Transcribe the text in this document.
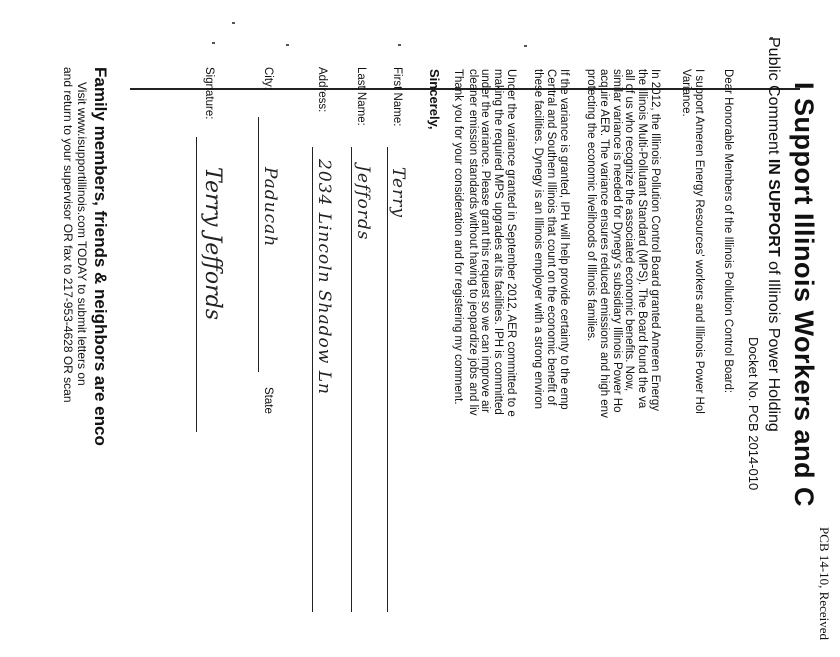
PCB 14-10, Received
I Support Illinois Workers and C
Public Comment IN SUPPORT of Illinois Power Holding
Docket No. PCB 2014-010
Dear Honorable Members of the Illinois Pollution Control Board:
I support Ameren Energy Resources' workers and Illinois Power Hol
Variance.
In 2012, the Illinois Pollution Control Board granted Ameren Energy
the Illinois Multi-Pollutant Standard (MPS). The Board found the va
all of us who recognize the associated economic benefits. Now,
similar variance is needed for Dynegy's subsidiary Illinois Power Ho
acquire AER. The variance ensures reduced emissions and high env
protecting the economic livelihoods of Illinois families.
If the variance is granted, IPH will help provide certainty to the emp
Central and Southern Illinois that count on the economic benefit of
these facilities. Dynegy is an Illinois employer with a strong environ
Under the variance granted in September 2012, AER committed to e
making the required MPS upgrades at its facilities. IPH is committed
under the variance. Please grant this request so we can improve air
cleaner emission standards without having to jeopardize jobs and liv
Thank you for your consideration and for registering my comment.
Sincerely,
First Name:
Terry
Last Name:
Jeffords
Address:
2034 Lincoln Shadow Ln
City:
Paducah
State
Signature:
Terry Jeffords
Family members, friends & neighbors are enco
Visit www.isupportillinois.com TODAY to submit letters on
and return to your supervisor OR fax to 217-953-4628 OR scan
